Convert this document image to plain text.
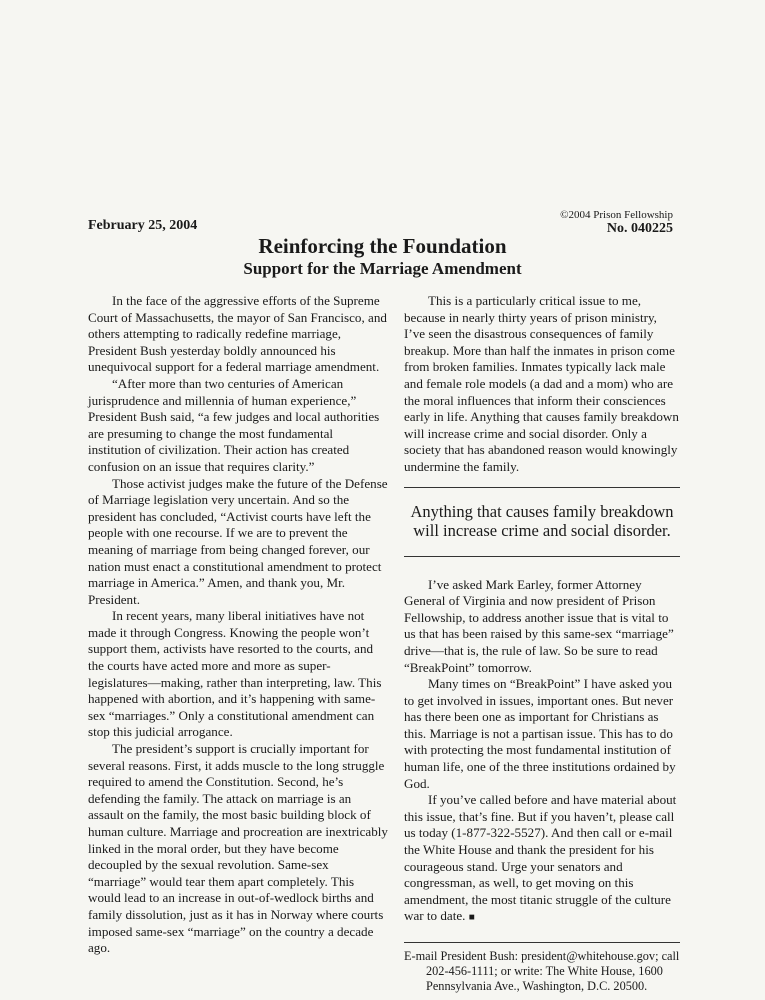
February 25, 2004
©2004 Prison Fellowship
No. 040225
Reinforcing the Foundation
Support for the Marriage Amendment

In the face of the aggressive efforts of the Supreme Court of Massachusetts, the mayor of San Francisco, and others attempting to radically redefine marriage, President Bush yesterday boldly announced his unequivocal support for a federal marriage amendment.

“After more than two centuries of American jurisprudence and millennia of human experience,” President Bush said, “a few judges and local authorities are presuming to change the most fundamental institution of civilization. Their action has created confusion on an issue that requires clarity.”

Those activist judges make the future of the Defense of Marriage legislation very uncertain. And so the president has concluded, “Activist courts have left the people with one recourse. If we are to prevent the meaning of marriage from being changed forever, our nation must enact a constitutional amendment to protect marriage in America.” Amen, and thank you, Mr. President.

In recent years, many liberal initiatives have not made it through Congress. Knowing the people won’t support them, activists have resorted to the courts, and the courts have acted more and more as super-legislatures—making, rather than interpreting, law. This happened with abortion, and it’s happening with same-sex “marriages.” Only a constitutional amendment can stop this judicial arrogance.

The president’s support is crucially important for several reasons. First, it adds muscle to the long struggle required to amend the Constitution. Second, he’s defending the family. The attack on marriage is an assault on the family, the most basic building block of human culture. Marriage and procreation are inextricably linked in the moral order, but they have become decoupled by the sexual revolution. Same-sex “marriage” would tear them apart completely. This would lead to an increase in out-of-wedlock births and family dissolution, just as it has in Norway where courts imposed same-sex “marriage” on the country a decade ago.

This is a particularly critical issue to me, because in nearly thirty years of prison ministry, I’ve seen the disastrous consequences of family breakup. More than half the inmates in prison come from broken families. Inmates typically lack male and female role models (a dad and a mom) who are the moral influences that inform their consciences early in life. Anything that causes family breakdown will increase crime and social disorder. Only a society that has abandoned reason would knowingly undermine the family.

Anything that causes family breakdown will increase crime and social disorder.

I’ve asked Mark Earley, former Attorney General of Virginia and now president of Prison Fellowship, to address another issue that is vital to us that has been raised by this same-sex “marriage” drive—that is, the rule of law. So be sure to read “BreakPoint” tomorrow.

Many times on “BreakPoint” I have asked you to get involved in issues, important ones. But never has there been one as important for Christians as this. Marriage is not a partisan issue. This has to do with protecting the most fundamental institution of human life, one of the three institutions ordained by God.

If you’ve called before and have material about this issue, that’s fine. But if you haven’t, please call us today (1-877-322-5527). And then call or e-mail the White House and thank the president for his courageous stand. Urge your senators and congressman, as well, to get moving on this amendment, the most titanic struggle of the culture war to date. ■

E-mail President Bush: president@whitehouse.gov; call 202-456-1111; or write: The White House, 1600 Pennsylvania Ave., Washington, D.C. 20500.
